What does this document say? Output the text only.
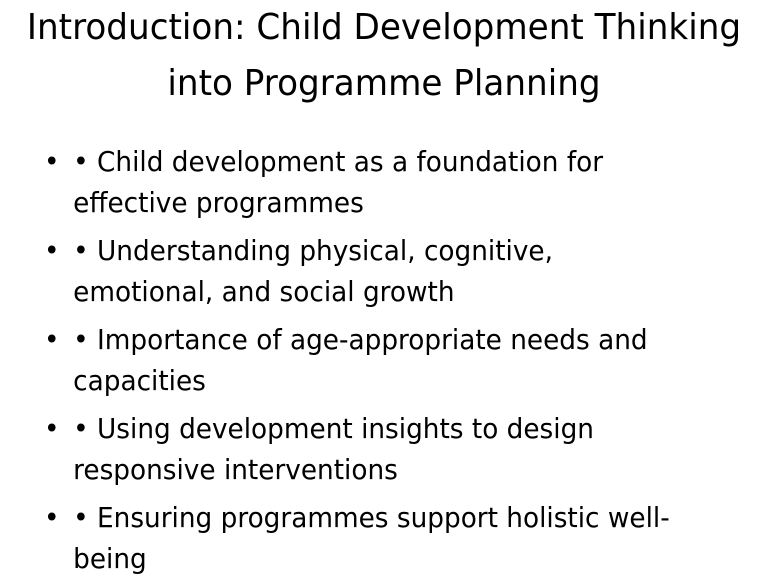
Introduction: Child Development Thinking
into Programme Planning
• • Child development as a foundation for effective programmes
• • Understanding physical, cognitive, emotional, and social growth
• • Importance of age-appropriate needs and capacities
• • Using development insights to design responsive interventions
• • Ensuring programmes support holistic well-being
